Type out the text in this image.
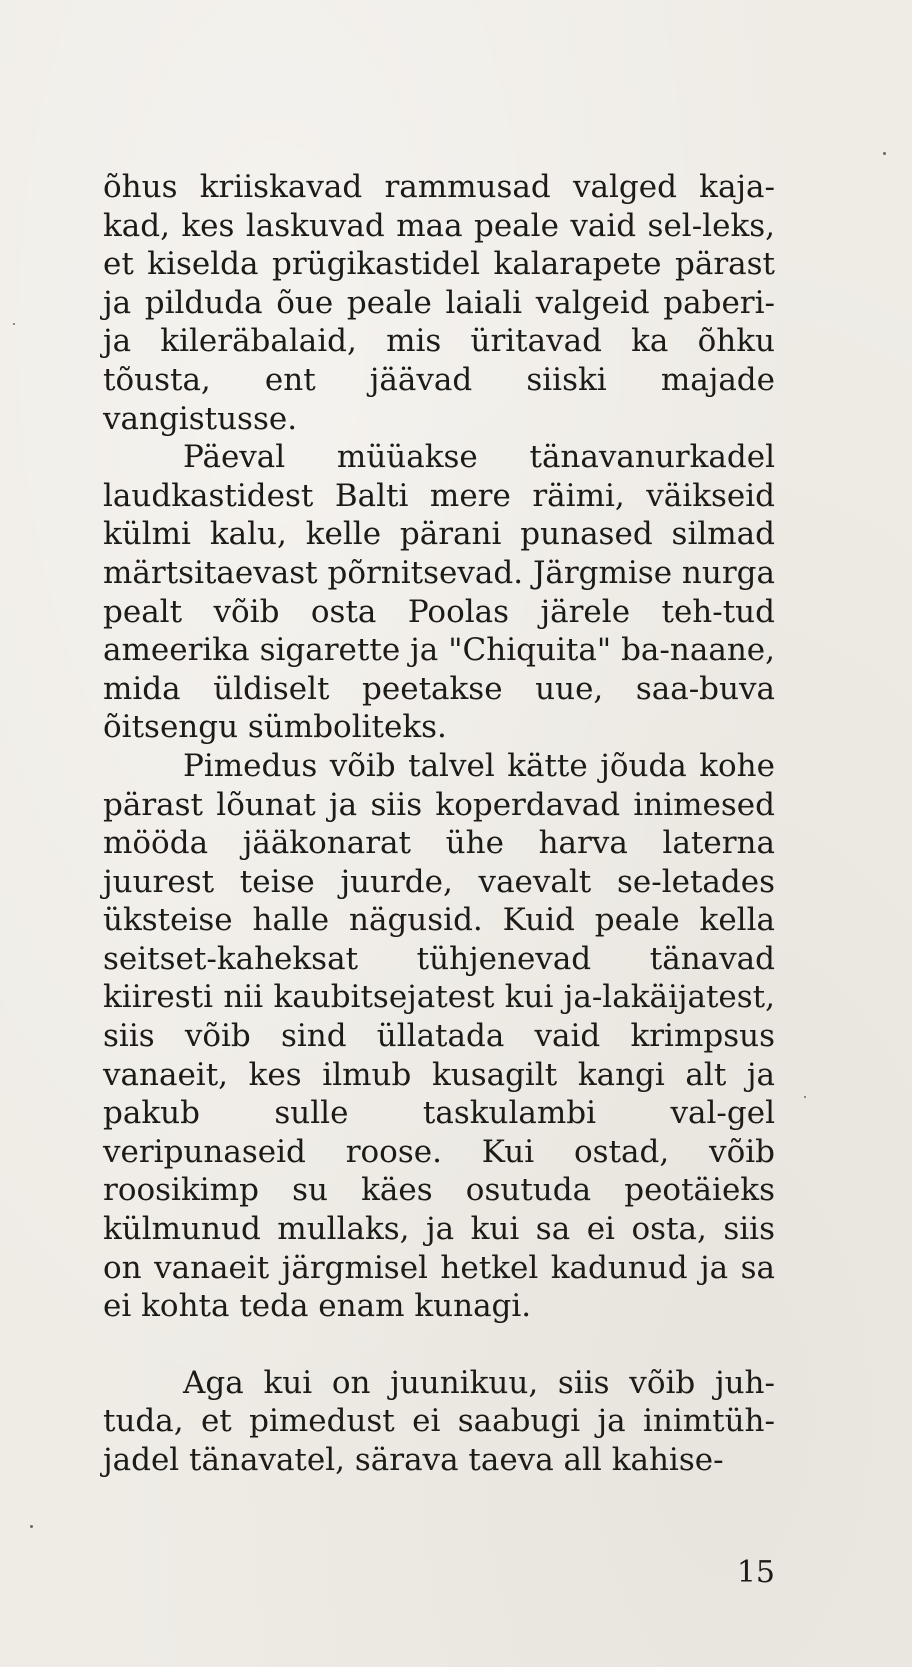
õhus kriiskavad rammusad valged kaja-kad, kes laskuvad maa peale vaid sel-leks, et kiselda prügikastidel kalarapete pärast ja pilduda õue peale laiali valgeid paberi- ja kileräbalaid, mis üritavad ka õhku tõusta, ent jäävad siiski majade vangistusse.

Päeval müüakse tänavanurkadel laudkastidest Balti mere räimi, väikseid külmi kalu, kelle pärani punased silmad märtsitaevast põrnitsevad. Järgmise nurga pealt võib osta Poolas järele teh-tud ameerika sigarette ja "Chiquita" ba-naane, mida üldiselt peetakse uue, saa-buva õitsengu sümboliteks.

Pimedus võib talvel kätte jõuda kohe pärast lõunat ja siis koperdavad inimesed mööda jääkonarat ühe harva laterna juurest teise juurde, vaevalt se-letades üksteise halle nägusid. Kuid peale kella seitset-kaheksat tühjenevad tänavad kiiresti nii kaubitsejatest kui ja-lakäijatest, siis võib sind üllatada vaid krimpsus vanaeit, kes ilmub kusagilt kangi alt ja pakub sulle taskulambi val-gel veripunaseid roose. Kui ostad, võib roosikimp su käes osutuda peotäieks külmunud mullaks, ja kui sa ei osta, siis on vanaeit järgmisel hetkel kadunud ja sa ei kohta teda enam kunagi.

Aga kui on juunikuu, siis võib juh-tuda, et pimedust ei saabugi ja inimtüh-jadel tänavatel, särava taeva all kahise-

15
